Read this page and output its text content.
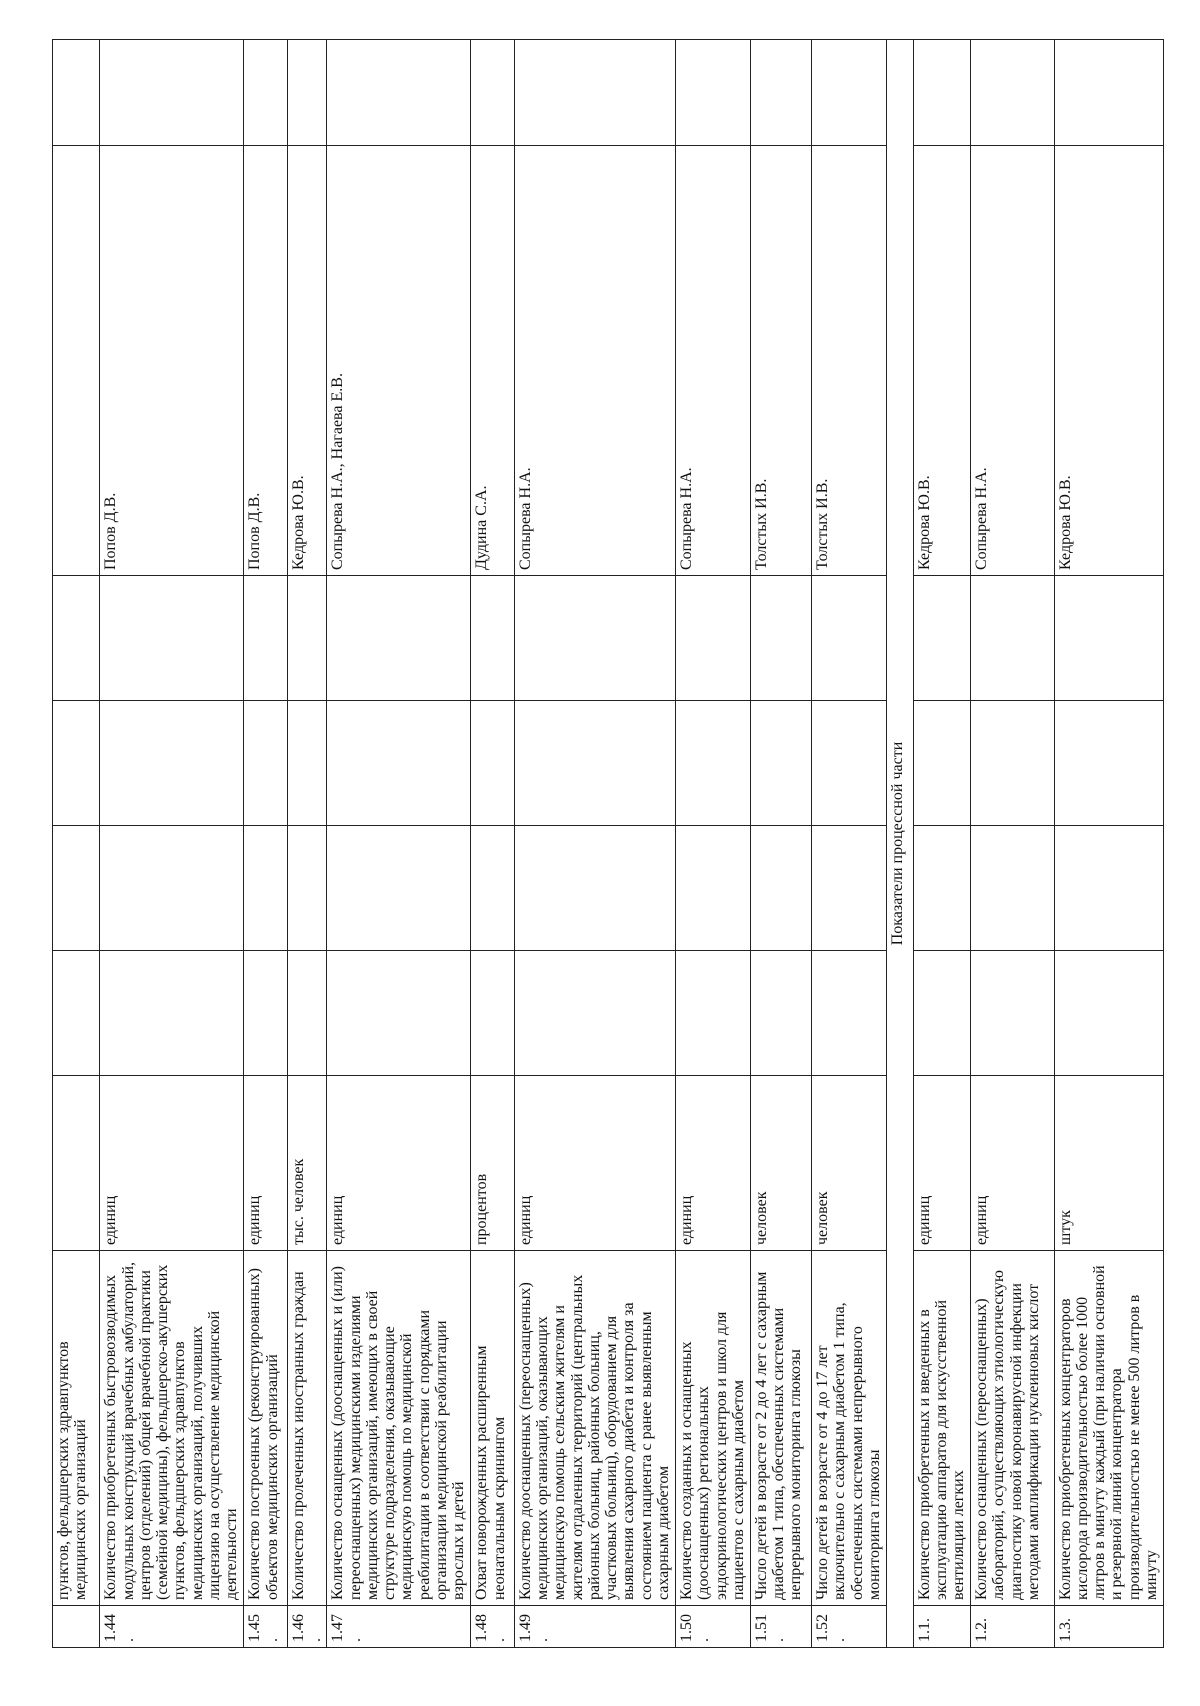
	пунктов, фельдшерских здравпунктов медицинских организаций							
1.44.	Количество приобретенных быстровозводимых модульных конструкций врачебных амбулаторий, центров (отделений) общей врачебной практики (семейной медицины), фельдшерско-акушерских пунктов, фельдшерских здравпунктов медицинских организаций, получивших лицензию на осуществление медицинской деятельности	единиц					Попов Д.В.	
1.45.	Количество построенных (реконструированных) объектов медицинских организаций	единиц					Попов Д.В.	
1.46.	Количество пролеченных иностранных граждан	тыс. человек					Кедрова Ю.В.	
1.47.	Количество оснащенных (дооснащенных и (или) переоснащенных) медицинскими изделиями медицинских организаций, имеющих в своей структуре подразделения, оказывающие медицинскую помощь по медицинской реабилитации в соответствии с порядками организации медицинской реабилитации взрослых и детей	единиц					Сопырева Н.А., Нагаева Е.В.	
1.48.	Охват новорожденных расширенным неонатальным скринингом	процентов					Дудина С.А.	
1.49.	Количество дооснащенных (переоснащенных) медицинских организаций, оказывающих медицинскую помощь сельским жителям и жителям отдаленных территорий (центральных районных больниц, районных больниц, участковых больниц), оборудованием для выявления сахарного диабета и контроля за состоянием пациента с ранее выявленным сахарным диабетом	единиц					Сопырева Н.А.	
1.50.	Количество созданных и оснащенных (дооснащенных) региональных эндокринологических центров и школ для пациентов с сахарным диабетом	единиц					Сопырева Н.А.	
1.51.	Число детей в возрасте от 2 до 4 лет с сахарным диабетом 1 типа, обеспеченных системами непрерывного мониторинга глюкозы	человек					Толстых И.В.	
1.52.	Число детей в возрасте от 4 до 17 лет включительно с сахарным диабетом 1 типа, обеспеченных системами непрерывного мониторинга глюкозы	человек					Толстых И.В.	
Показатели процессной части								
1.1.	Количество приобретенных и введенных в эксплуатацию аппаратов для искусственной вентиляции легких	единиц					Кедрова Ю.В.	
1.2.	Количество оснащенных (переоснащенных) лабораторий, осуществляющих этиологическую диагностику новой коронавирусной инфекции методами амплификации нуклеиновых кислот	единиц					Сопырева Н.А.	
1.3.	Количество приобретенных концентраторов кислорода производительностью более 1000 литров в минуту каждый (при наличии основной и резервной линий концентратора производительностью не менее 500 литров в минуту	штук					Кедрова Ю.В.	
